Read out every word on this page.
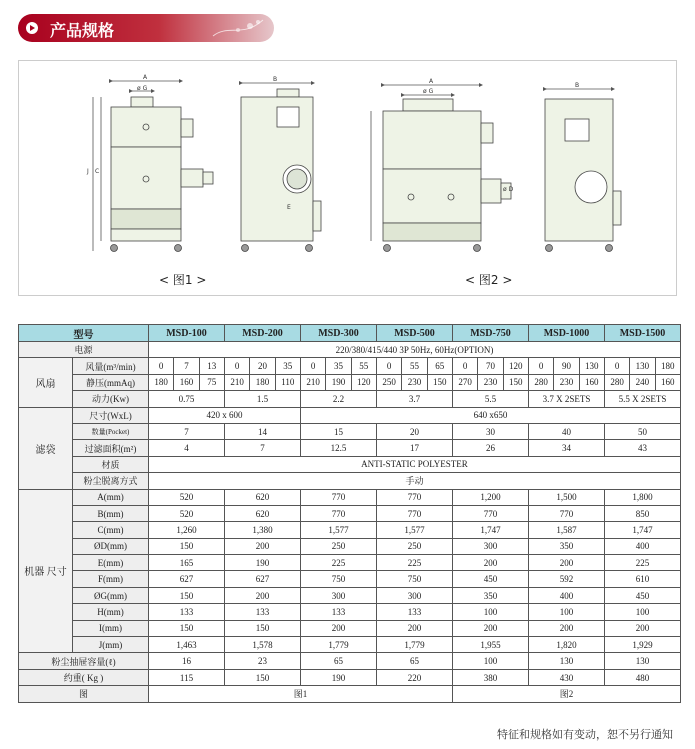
产品规格
A
ø G
C
J
B
E
A
ø G
ø D
B
< 图1 >	< 图2 >
型号		MSD-100			MSD-200			MSD-300			MSD-500			MSD-750			MSD-1000			MSD-1500		
电源		220/380/415/440 3P 50Hz, 60Hz(OPTION)																				
风扇	风量(m³/min)	0	7	13	0	20	35	0	35	55	0	55	65	0	70	120	0	90	130	0	130	180
	静压(mmAq)	180	160	75	210	180	110	210	190	120	250	230	150	270	230	150	280	230	160	280	240	160
	动力(Kw)	0.75			1.5			2.2			3.7			5.5			3.7 X 2SETS			5.5 X 2SETS		
滤袋	尺寸(WxL)	420 x 600						640 x650														
	数量(Pocket)	7			14			15			20			30			40			50		
	过滤面积(m²)	4			7			12.5			17			26			34			43		
	材质	ANTI-STATIC POLYESTER																				
	粉尘脱离方式	手动																				
机器 尺寸	A(mm)	520			620			770			770			1,200			1,500			1,800		
	B(mm)	520			620			770			770			770			770			850		
	C(mm)	1,260			1,380			1,577			1,577			1,747			1,587			1,747		
	ØD(mm)	150			200			250			250			300			350			400		
	E(mm)	165			190			225			225			200			200			225		
	F(mm)	627			627			750			750			450			592			610		
	ØG(mm)	150			200			300			300			350			400			450		
	H(mm)	133			133			133			133			100			100			100		
	I(mm)	150			150			200			200			200			200			200		
	J(mm)	1,463			1,578			1,779			1,779			1,955			1,820			1,929		
粉尘抽屉容量(ℓ)		16			23			65			65			100			130			130		
约重( Kg )		115			150			190			220			380			430			480		
图		图1												图2								
特征和规格如有变动，恕不另行通知
